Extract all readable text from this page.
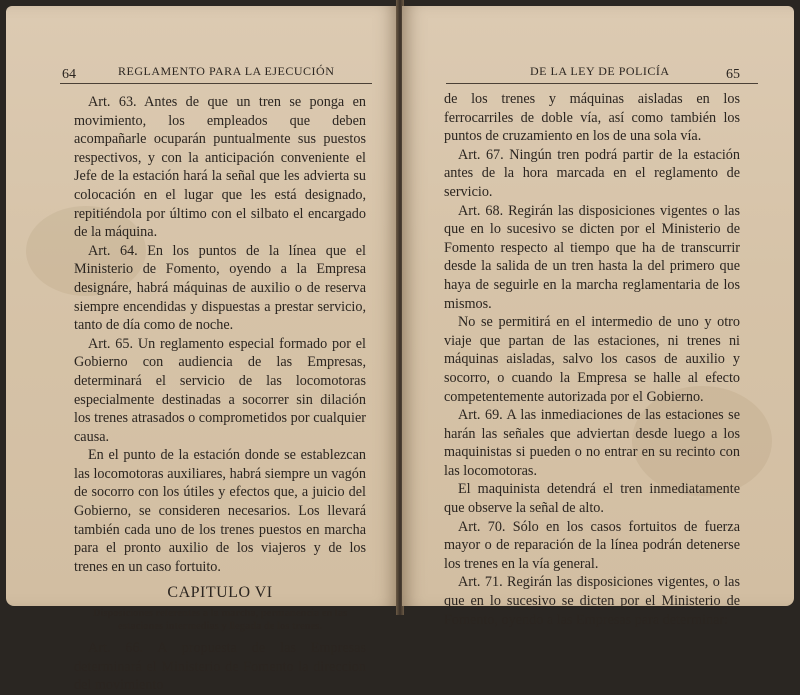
64	REGLAMENTO PARA LA EJECUCIÓN

Art. 63. Antes de que un tren se ponga en movimiento, los empleados que deben acompañarle ocuparán puntualmente sus puestos respectivos, y con la anticipación conveniente el Jefe de la estación hará la señal que les advierta su colocación en el lugar que les está designado, repitiéndola por último con el silbato el encargado de la máquina.

Art. 64. En los puntos de la línea que el Ministerio de Fomento, oyendo a la Empresa designáre, habrá máquinas de auxilio o de reserva siempre encendidas y dispuestas a prestar servicio, tanto de día como de noche.

Art. 65. Un reglamento especial formado por el Gobierno con audiencia de las Empresas, determinará el servicio de las locomotoras especialmente destinadas a socorrer sin dilación los trenes atrasados o comprometidos por cualquier causa.

En el punto de la estación donde se establezcan las locomotoras auxiliares, habrá siempre un vagón de socorro con los útiles y efectos que, a juicio del Gobierno, se consideren necesarios. Los llevará también cada uno de los trenes puestos en marcha para el pronto auxilio de los viajeros y de los trenes en un caso fortuito.

CAPITULO VI
Disposiciones referentes a la marcha, permanencia en las estaciones intermedias y llegada de los trenes.

Art. 66. A propuesta de las Empresas determinará el Ministerio de Fomento la direccion del movimiento

DE LA LEY DE POLICÍA	65

de los trenes y máquinas aisladas en los ferrocarriles de doble vía, así como también los puntos de cruzamiento en los de una sola vía.

Art. 67. Ningún tren podrá partir de la estación antes de la hora marcada en el reglamento de servicio.

Art. 68. Regirán las disposiciones vigentes o las que en lo sucesivo se dicten por el Ministerio de Fomento respecto al tiempo que ha de transcurrir desde la salida de un tren hasta la del primero que haya de seguirle en la marcha reglamentaria de los mismos.

No se permitirá en el intermedio de uno y otro viaje que partan de las estaciones, ni trenes ni máquinas aisladas, salvo los casos de auxilio y socorro, o cuando la Empresa se halle al efecto competentemente autorizada por el Gobierno.

Art. 69. A las inmediaciones de las estaciones se harán las señales que adviertan desde luego a los maquinistas si pueden o no entrar en su recinto con las locomotoras.

El maquinista detendrá el tren inmediatamente que observe la señal de alto.

Art. 70. Sólo en los casos fortuitos de fuerza mayor o de reparación de la línea podrán detenerse los trenes en la vía general.

Art. 71. Regirán las disposiciones vigentes, o las que en lo sucesivo se dicten por el Ministerio de Fomento, oyendo a las Empresas para determinar:
